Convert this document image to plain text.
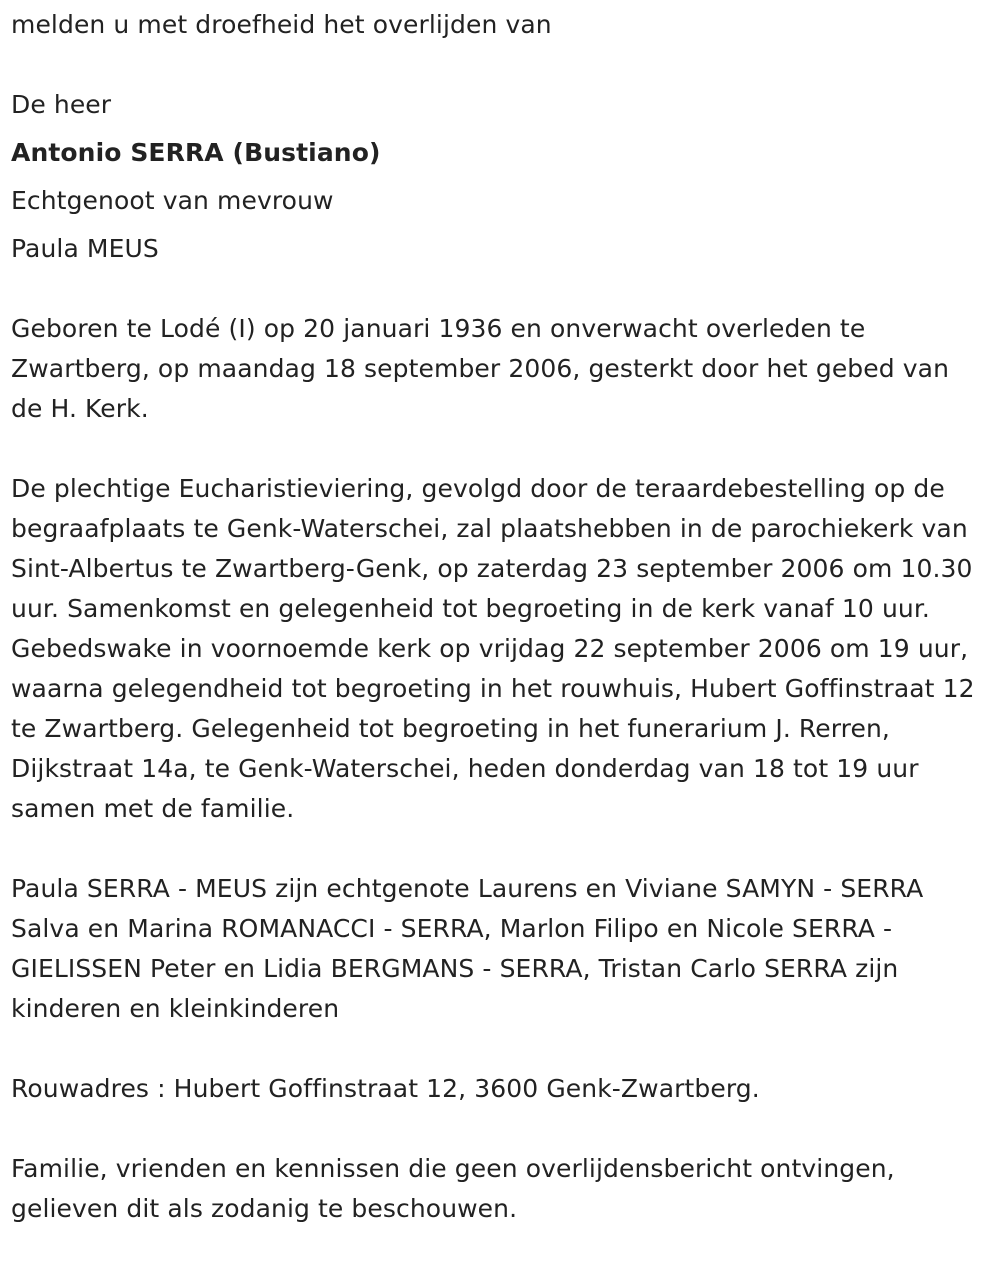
melden u met droefheid het overlijden van

De heer

Antonio SERRA (Bustiano)

Echtgenoot van mevrouw

Paula MEUS

Geboren te Lodé (I) op 20 januari 1936 en onverwacht overleden te Zwartberg, op maandag 18 september 2006, gesterkt door het gebed van de H. Kerk.

De plechtige Eucharistieviering, gevolgd door de teraardebestelling op de begraafplaats te Genk-Waterschei, zal plaatshebben in de parochiekerk van Sint-Albertus te Zwartberg-Genk, op zaterdag 23 september 2006 om 10.30 uur. Samenkomst en gelegenheid tot begroeting in de kerk vanaf 10 uur. Gebedswake in voornoemde kerk op vrijdag 22 september 2006 om 19 uur, waarna gelegendheid tot begroeting in het rouwhuis, Hubert Goffinstraat 12 te Zwartberg. Gelegenheid tot begroeting in het funerarium J. Rerren, Dijkstraat 14a, te Genk-Waterschei, heden donderdag van 18 tot 19 uur samen met de familie.

Paula SERRA - MEUS zijn echtgenote Laurens en Viviane SAMYN - SERRA Salva en Marina ROMANACCI - SERRA, Marlon Filipo en Nicole SERRA - GIELISSEN Peter en Lidia BERGMANS - SERRA, Tristan Carlo SERRA zijn kinderen en kleinkinderen

Rouwadres : Hubert Goffinstraat 12, 3600 Genk-Zwartberg.

Familie, vrienden en kennissen die geen overlijdensbericht ontvingen, gelieven dit als zodanig te beschouwen.
